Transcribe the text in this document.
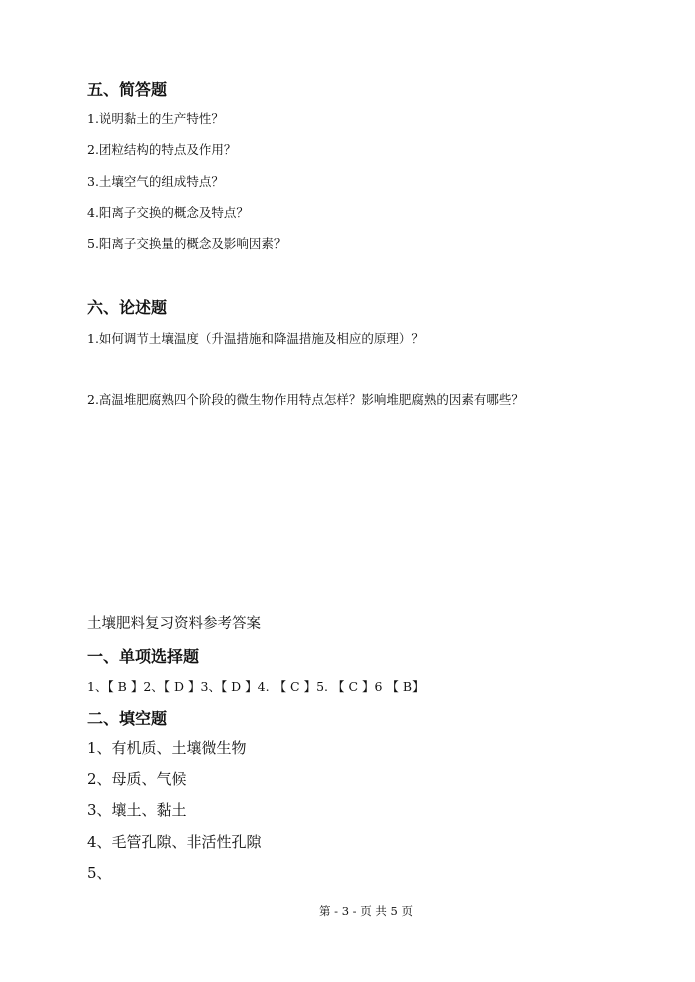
五、简答题
1.说明黏土的生产特性？
2.团粒结构的特点及作用？
3.土壤空气的组成特点？
4.阳离子交换的概念及特点？
5.阳离子交换量的概念及影响因素？
六、论述题
1.如何调节土壤温度（升温措施和降温措施及相应的原理）？
2.高温堆肥腐熟四个阶段的微生物作用特点怎样？影响堆肥腐熟的因素有哪些？
土壤肥料复习资料参考答案
一、单项选择题
1、【 B 】2、【 D 】3、【 D 】4. 【 C 】5. 【 C 】6 【 B】
二、填空题
1、有机质、土壤微生物
2、母质、气候
3、壤土、黏土
4、毛管孔隙、非活性孔隙
5、
第 - 3 - 页 共 5 页
